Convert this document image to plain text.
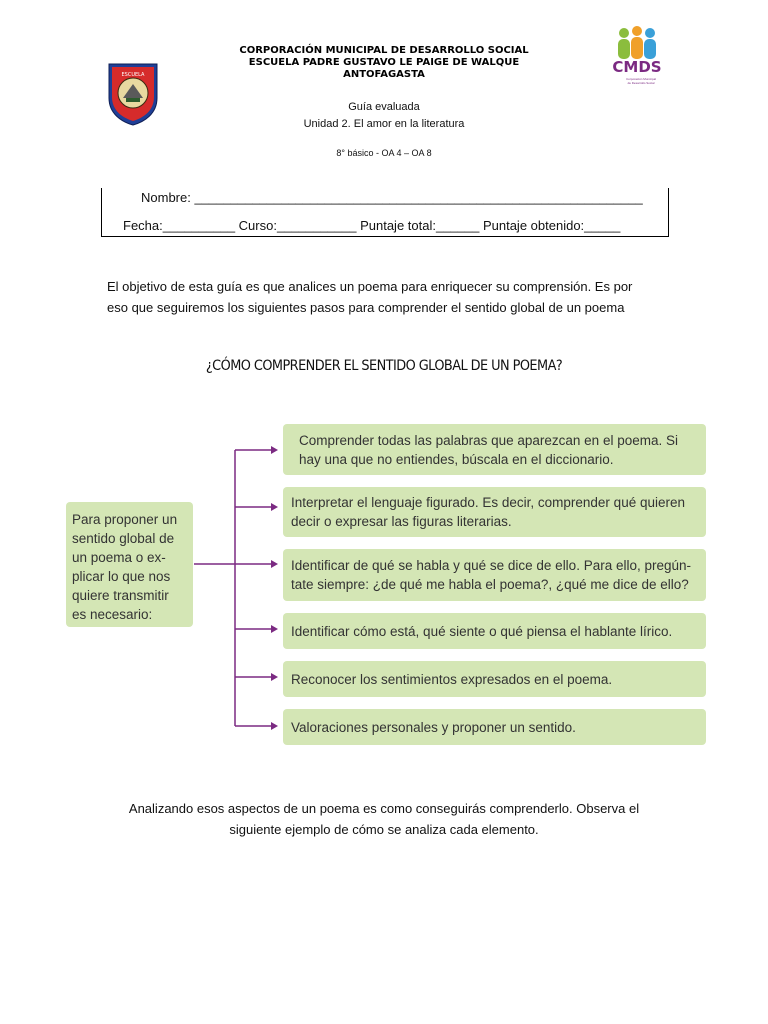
ESCUELA
CORPORACIÓN MUNICIPAL DE DESARROLLO SOCIAL
ESCUELA PADRE GUSTAVO LE PAIGE DE WALQUE
ANTOFAGASTA
Guía evaluada
Unidad 2. El amor en la literatura
8° básico - OA 4 – OA 8
CMDS
Corporación Municipal de Desarrollo Social
Nombre: ______________________________________________________________
Fecha:__________ Curso:___________ Puntaje total:______ Puntaje obtenido:_____
El objetivo de esta guía es que analices un poema para enriquecer su comprensión. Es por
eso que seguiremos los siguientes pasos para comprender el sentido global de un poema
¿CÓMO COMPRENDER EL SENTIDO GLOBAL DE UN POEMA?
Para proponer un
sentido global de
un poema o ex-
plicar lo que nos
quiere transmitir
es necesario:
Comprender todas las palabras que aparezcan en el poema. Si
hay una que no entiendes, búscala en el diccionario.
Interpretar el lenguaje figurado. Es decir, comprender qué quieren
decir o expresar las figuras literarias.
Identificar de qué se habla y qué se dice de ello. Para ello, pregún-
tate siempre: ¿de qué me habla el poema?, ¿qué me dice de ello?
Identificar cómo está, qué siente o qué piensa el hablante lírico.
Reconocer los sentimientos expresados en el poema.
Valoraciones personales y proponer un sentido.
Analizando esos aspectos de un poema es como conseguirás comprenderlo. Observa el
siguiente ejemplo de cómo se analiza cada elemento.
